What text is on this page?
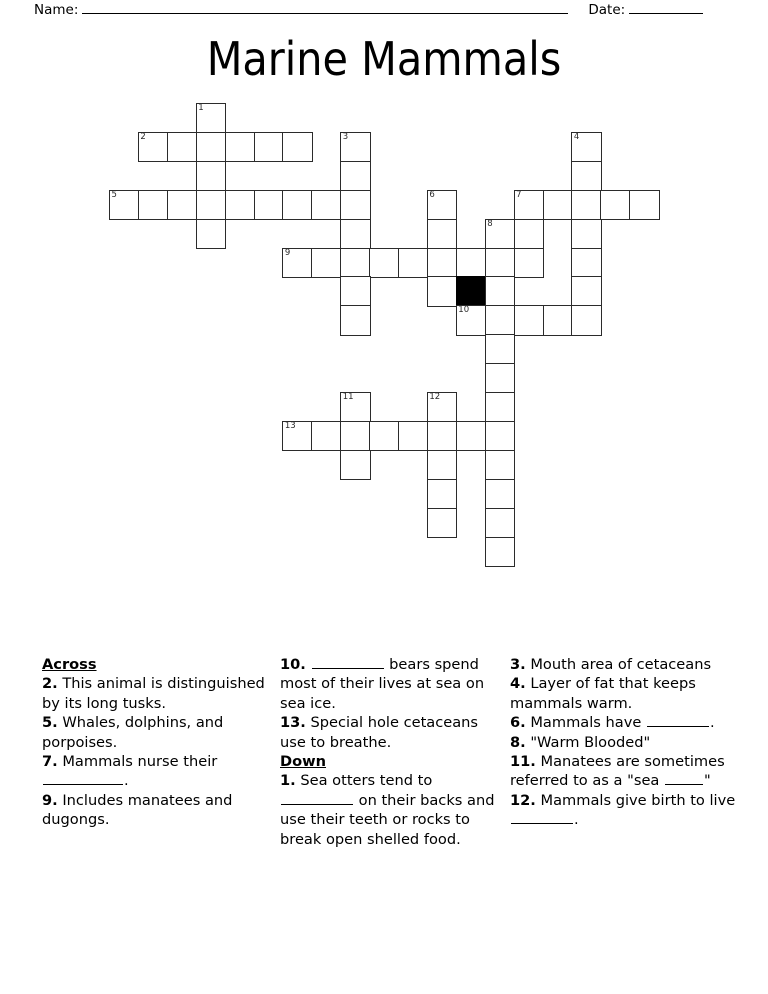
Name:	Date:
Marine Mammals
1
2	3	4
5	6	7
8
9
10
11	12
13
Across
2. This animal is distinguished by its long tusks.
5. Whales, dolphins, and porpoises.
7. Mammals nurse their .
9. Includes manatees and dugongs.
10.	bears spend most of their lives at sea on sea ice.
13. Special hole cetaceans use to breathe.
Down
1. Sea otters tend to  on their backs and use their teeth or rocks to break open shelled food.
3. Mouth area of cetaceans
4. Layer of fat that keeps mammals warm.
6. Mammals have	.
8. "Warm Blooded"
11. Manatees are sometimes referred to as a "sea	"
12. Mammals give birth to live .
